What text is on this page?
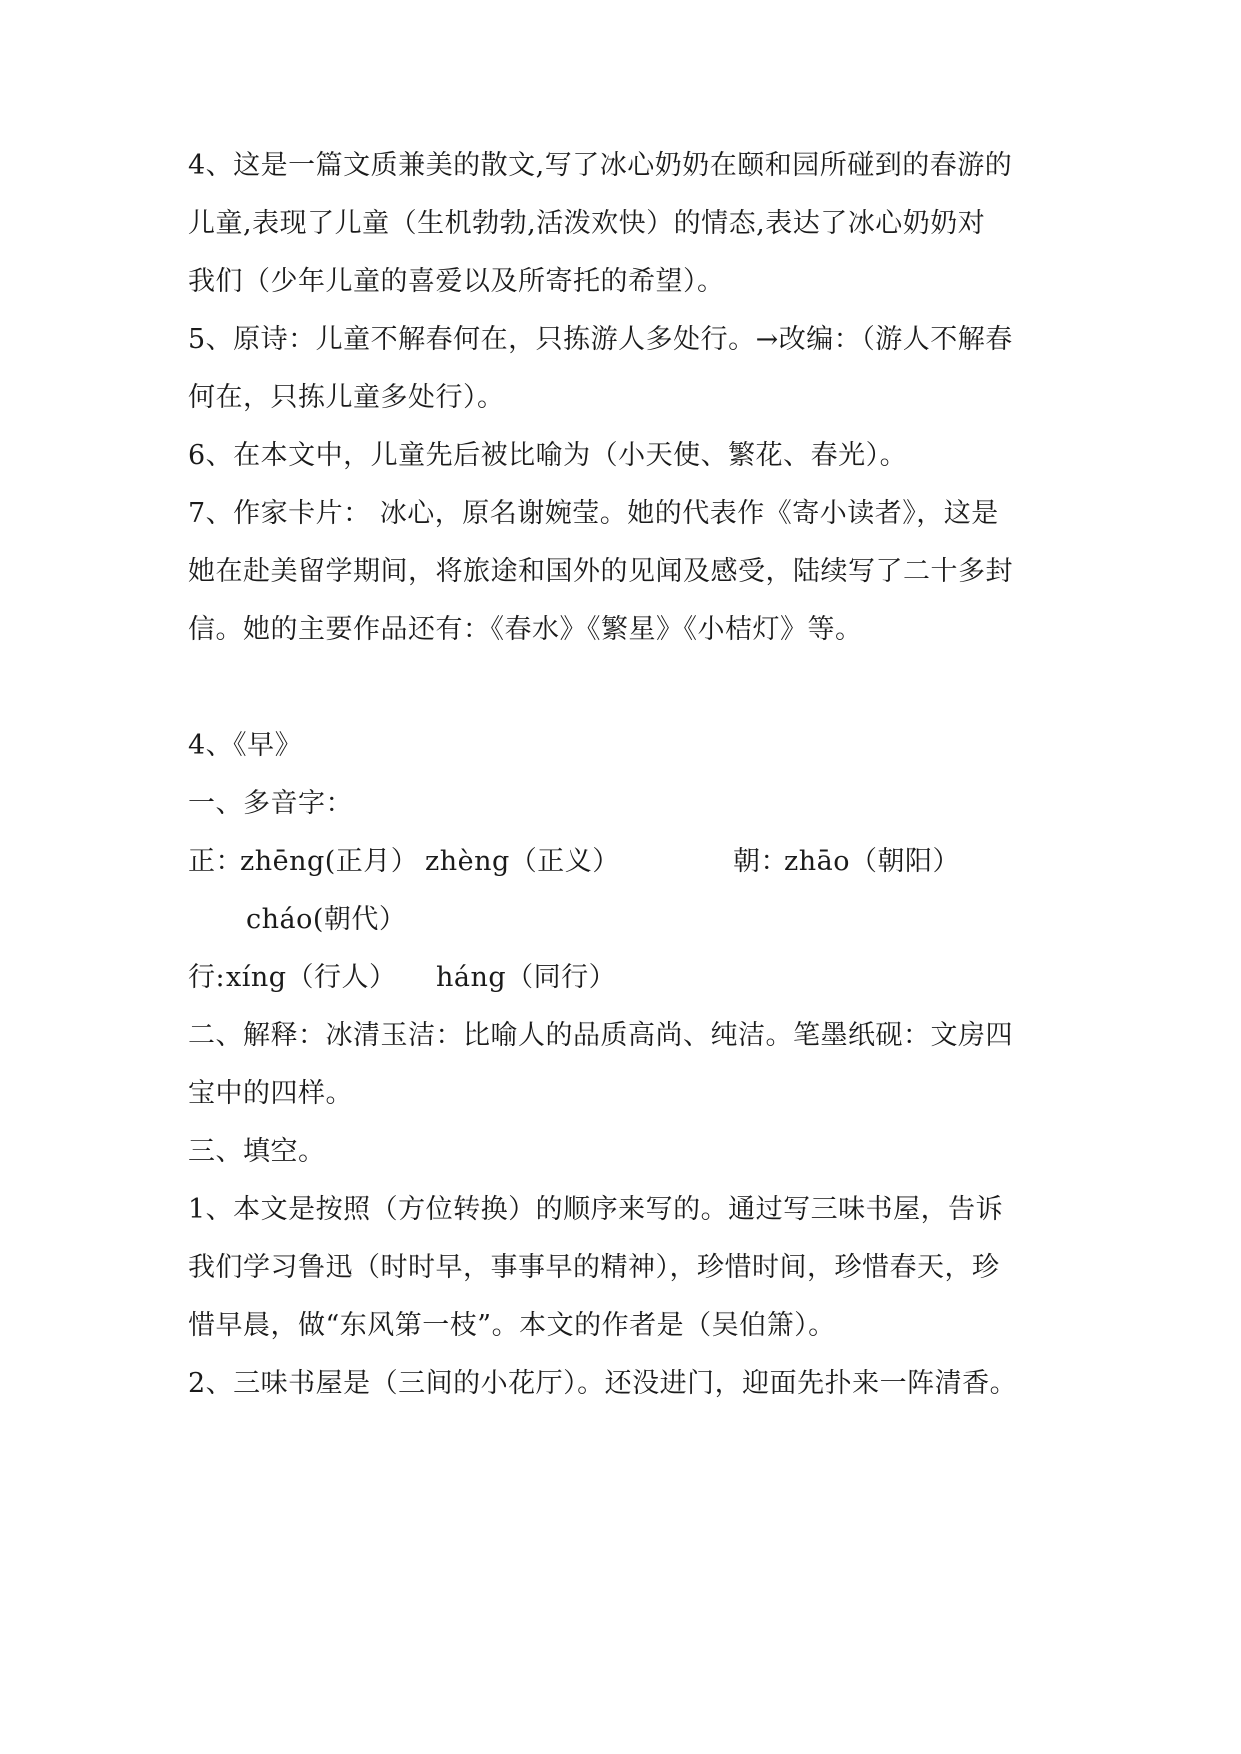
4、这是一篇文质兼美的散文,写了冰心奶奶在颐和园所碰到的春游的
儿童,表现了儿童（生机勃勃,活泼欢快）的情态,表达了冰心奶奶对
我们（少年儿童的喜爱以及所寄托的希望）。
5、原诗：儿童不解春何在，只拣游人多处行。→改编：（游人不解春
何在，只拣儿童多处行）。
6、在本文中，儿童先后被比喻为（小天使、繁花、春光）。
7、作家卡片： 冰心，原名谢婉莹。她的代表作《寄小读者》，这是
她在赴美留学期间，将旅途和国外的见闻及感受，陆续写了二十多封
信。她的主要作品还有：《春水》《繁星》《小桔灯》等。
4、《早》
一、多音字：
正：
zhēng(正月） zhèng（正义）	朝：
zhāo（朝阳）
cháo(朝代）
行: xíng（行人） háng（同行）
二、解释：冰清玉洁：比喻人的品质高尚、纯洁。笔墨纸砚：文房四
宝中的四样。
三、填空。
1、本文是按照（方位转换）的顺序来写的。通过写三味书屋，告诉
我们学习鲁迅（时时早，事事早的精神），珍惜时间，珍惜春天，珍
惜早晨，做“东风第一枝”。本文的作者是（吴伯箫）。
2、三味书屋是（三间的小花厅）。还没进门，迎面先扑来一阵清香。
